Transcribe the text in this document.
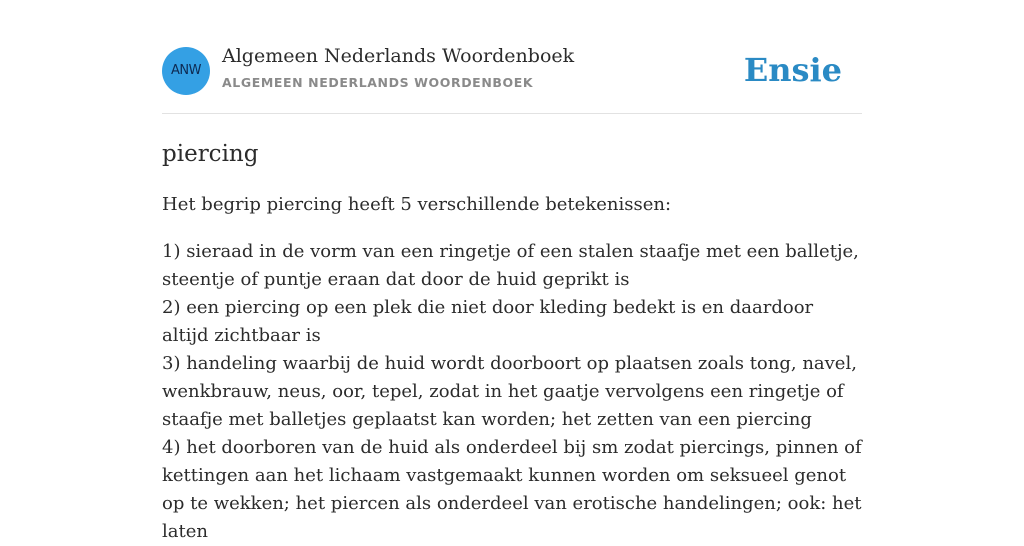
ANW
Algemeen Nederlands Woordenboek
ALGEMEEN NEDERLANDS WOORDENBOEK	Ensie
piercing

Het begrip piercing heeft 5 verschillende betekenissen:

1) sieraad in de vorm van een ringetje of een stalen staafje met een balletje, steentje of puntje eraan dat door de huid geprikt is
2) een piercing op een plek die niet door kleding bedekt is en daardoor altijd zichtbaar is
3) handeling waarbij de huid wordt doorboort op plaatsen zoals tong, navel, wenkbrauw, neus, oor, tepel, zodat in het gaatje vervolgens een ringetje of staafje met balletjes geplaatst kan worden; het zetten van een piercing
4) het doorboren van de huid als onderdeel bij sm zodat piercings, pinnen of kettingen aan het lichaam vastgemaakt kunnen worden om seksueel genot op te wekken; het piercen als onderdeel van erotische handelingen; ook: het laten
